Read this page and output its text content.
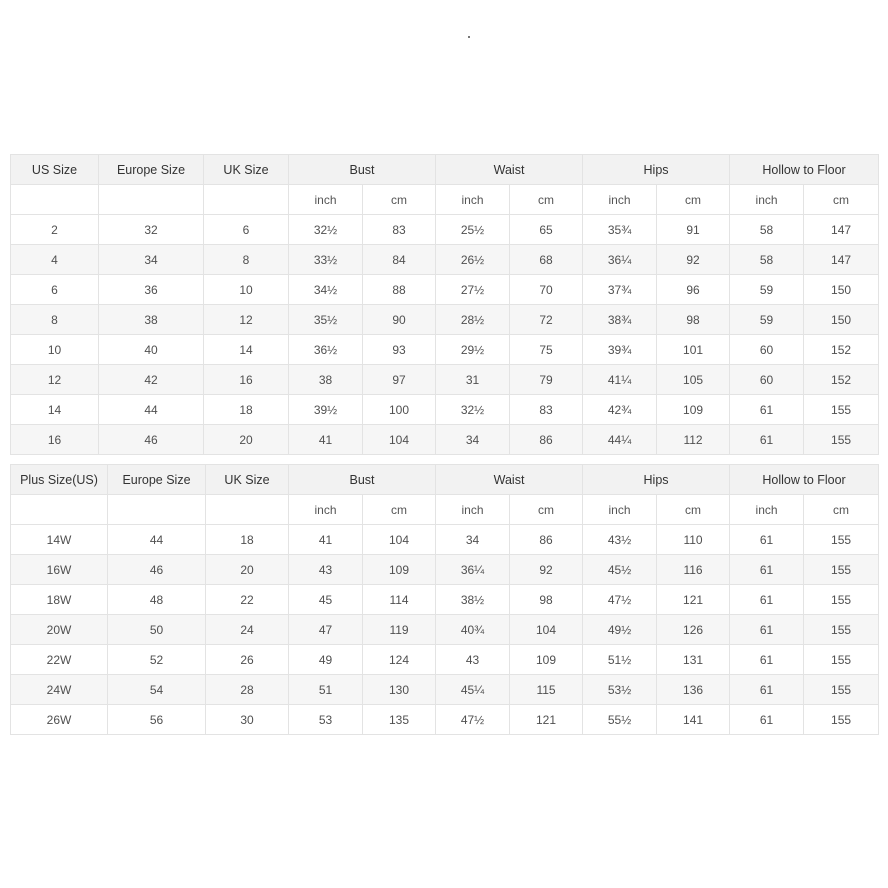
US Size	Europe Size	UK Size	Bust		Waist		Hips		Hollow to Floor	
			inch	cm	inch	cm	inch	cm	inch	cm
2	32	6	32½	83	25½	65	35¾	91	58	147
4	34	8	33½	84	26½	68	36¼	92	58	147
6	36	10	34½	88	27½	70	37¾	96	59	150
8	38	12	35½	90	28½	72	38¾	98	59	150
10	40	14	36½	93	29½	75	39¾	101	60	152
12	42	16	38	97	31	79	41¼	105	60	152
14	44	18	39½	100	32½	83	42¾	109	61	155
16	46	20	41	104	34	86	44¼	112	61	155
Plus Size(US)	Europe Size	UK Size	Bust		Waist		Hips		Hollow to Floor	
			inch	cm	inch	cm	inch	cm	inch	cm
14W	44	18	41	104	34	86	43½	110	61	155
16W	46	20	43	109	36¼	92	45½	116	61	155
18W	48	22	45	114	38½	98	47½	121	61	155
20W	50	24	47	119	40¾	104	49½	126	61	155
22W	52	26	49	124	43	109	51½	131	61	155
24W	54	28	51	130	45¼	115	53½	136	61	155
26W	56	30	53	135	47½	121	55½	141	61	155
